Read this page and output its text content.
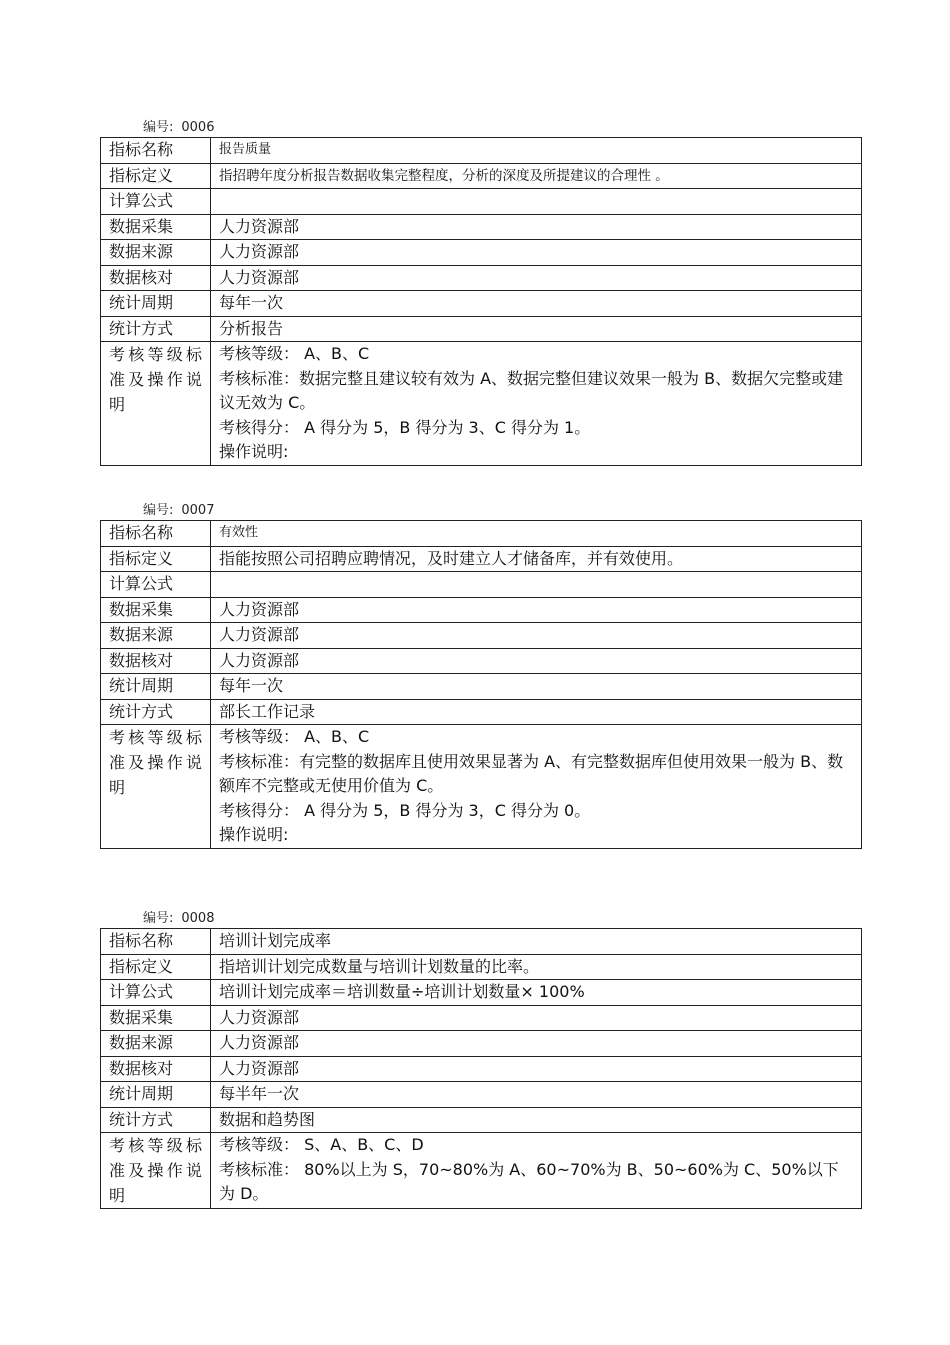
编号: 0006
指标名称	报告质量
指标定义	指招聘年度分析报告数据收集完整程度，分析的深度及所提建议的合理性 。
计算公式	
数据采集	人力资源部
数据来源	人力资源部
数据核对	人力资源部
统计周期	每年一次
统计方式	分析报告
考核等级标准及操作说明	考核等级： A、B、C
考核标准：数据完整且建议较有效为 A、数据完整但建议效果一般为 B、数据欠完整或建议无效为 C。
考核得分： A 得分为 5，B 得分为 3、C 得分为 1。
操作说明:
编号: 0007
指标名称	有效性
指标定义	指能按照公司招聘应聘情况，及时建立人才储备库，并有效使用。
计算公式	
数据采集	人力资源部
数据来源	人力资源部
数据核对	人力资源部
统计周期	每年一次
统计方式	部长工作记录
考核等级标准及操作说明	考核等级： A、B、C
考核标准：有完整的数据库且使用效果显著为 A、有完整数据库但使用效果一般为 B、数额库不完整或无使用价值为 C。
考核得分： A 得分为 5，B 得分为 3，C 得分为 0。
操作说明:
编号: 0008
指标名称	培训计划完成率
指标定义	指培训计划完成数量与培训计划数量的比率。
计算公式	培训计划完成率＝培训数量÷培训计划数量× 100%
数据采集	人力资源部
数据来源	人力资源部
数据核对	人力资源部
统计周期	每半年一次
统计方式	数据和趋势图
考核等级标准及操作说明	考核等级： S、A、B、C、D
考核标准： 80%以上为 S，70~80%为 A、60~70%为 B、50~60%为 C、50%以下为 D。
